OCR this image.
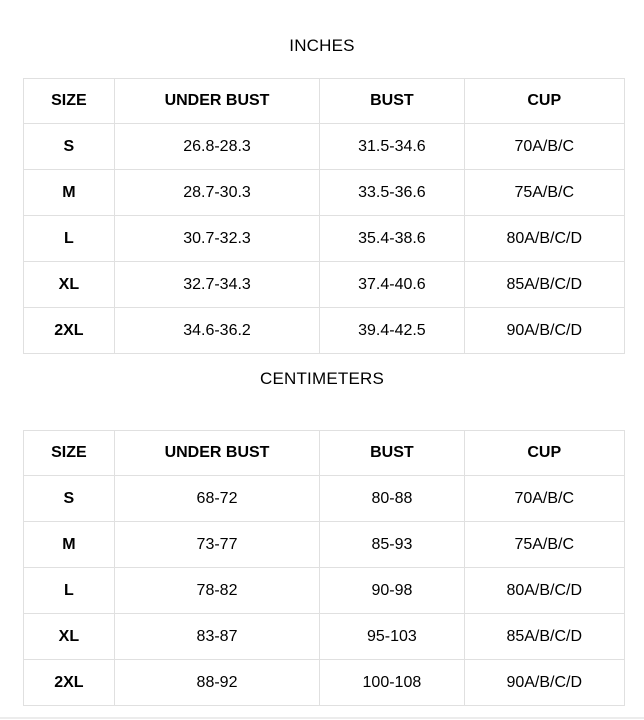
INCHES
SIZE	UNDER BUST	BUST	CUP
S	26.8-28.3	31.5-34.6	70A/B/C
M	28.7-30.3	33.5-36.6	75A/B/C
L	30.7-32.3	35.4-38.6	80A/B/C/D
XL	32.7-34.3	37.4-40.6	85A/B/C/D
2XL	34.6-36.2	39.4-42.5	90A/B/C/D
CENTIMETERS
SIZE	UNDER BUST	BUST	CUP
S	68-72	80-88	70A/B/C
M	73-77	85-93	75A/B/C
L	78-82	90-98	80A/B/C/D
XL	83-87	95-103	85A/B/C/D
2XL	88-92	100-108	90A/B/C/D
